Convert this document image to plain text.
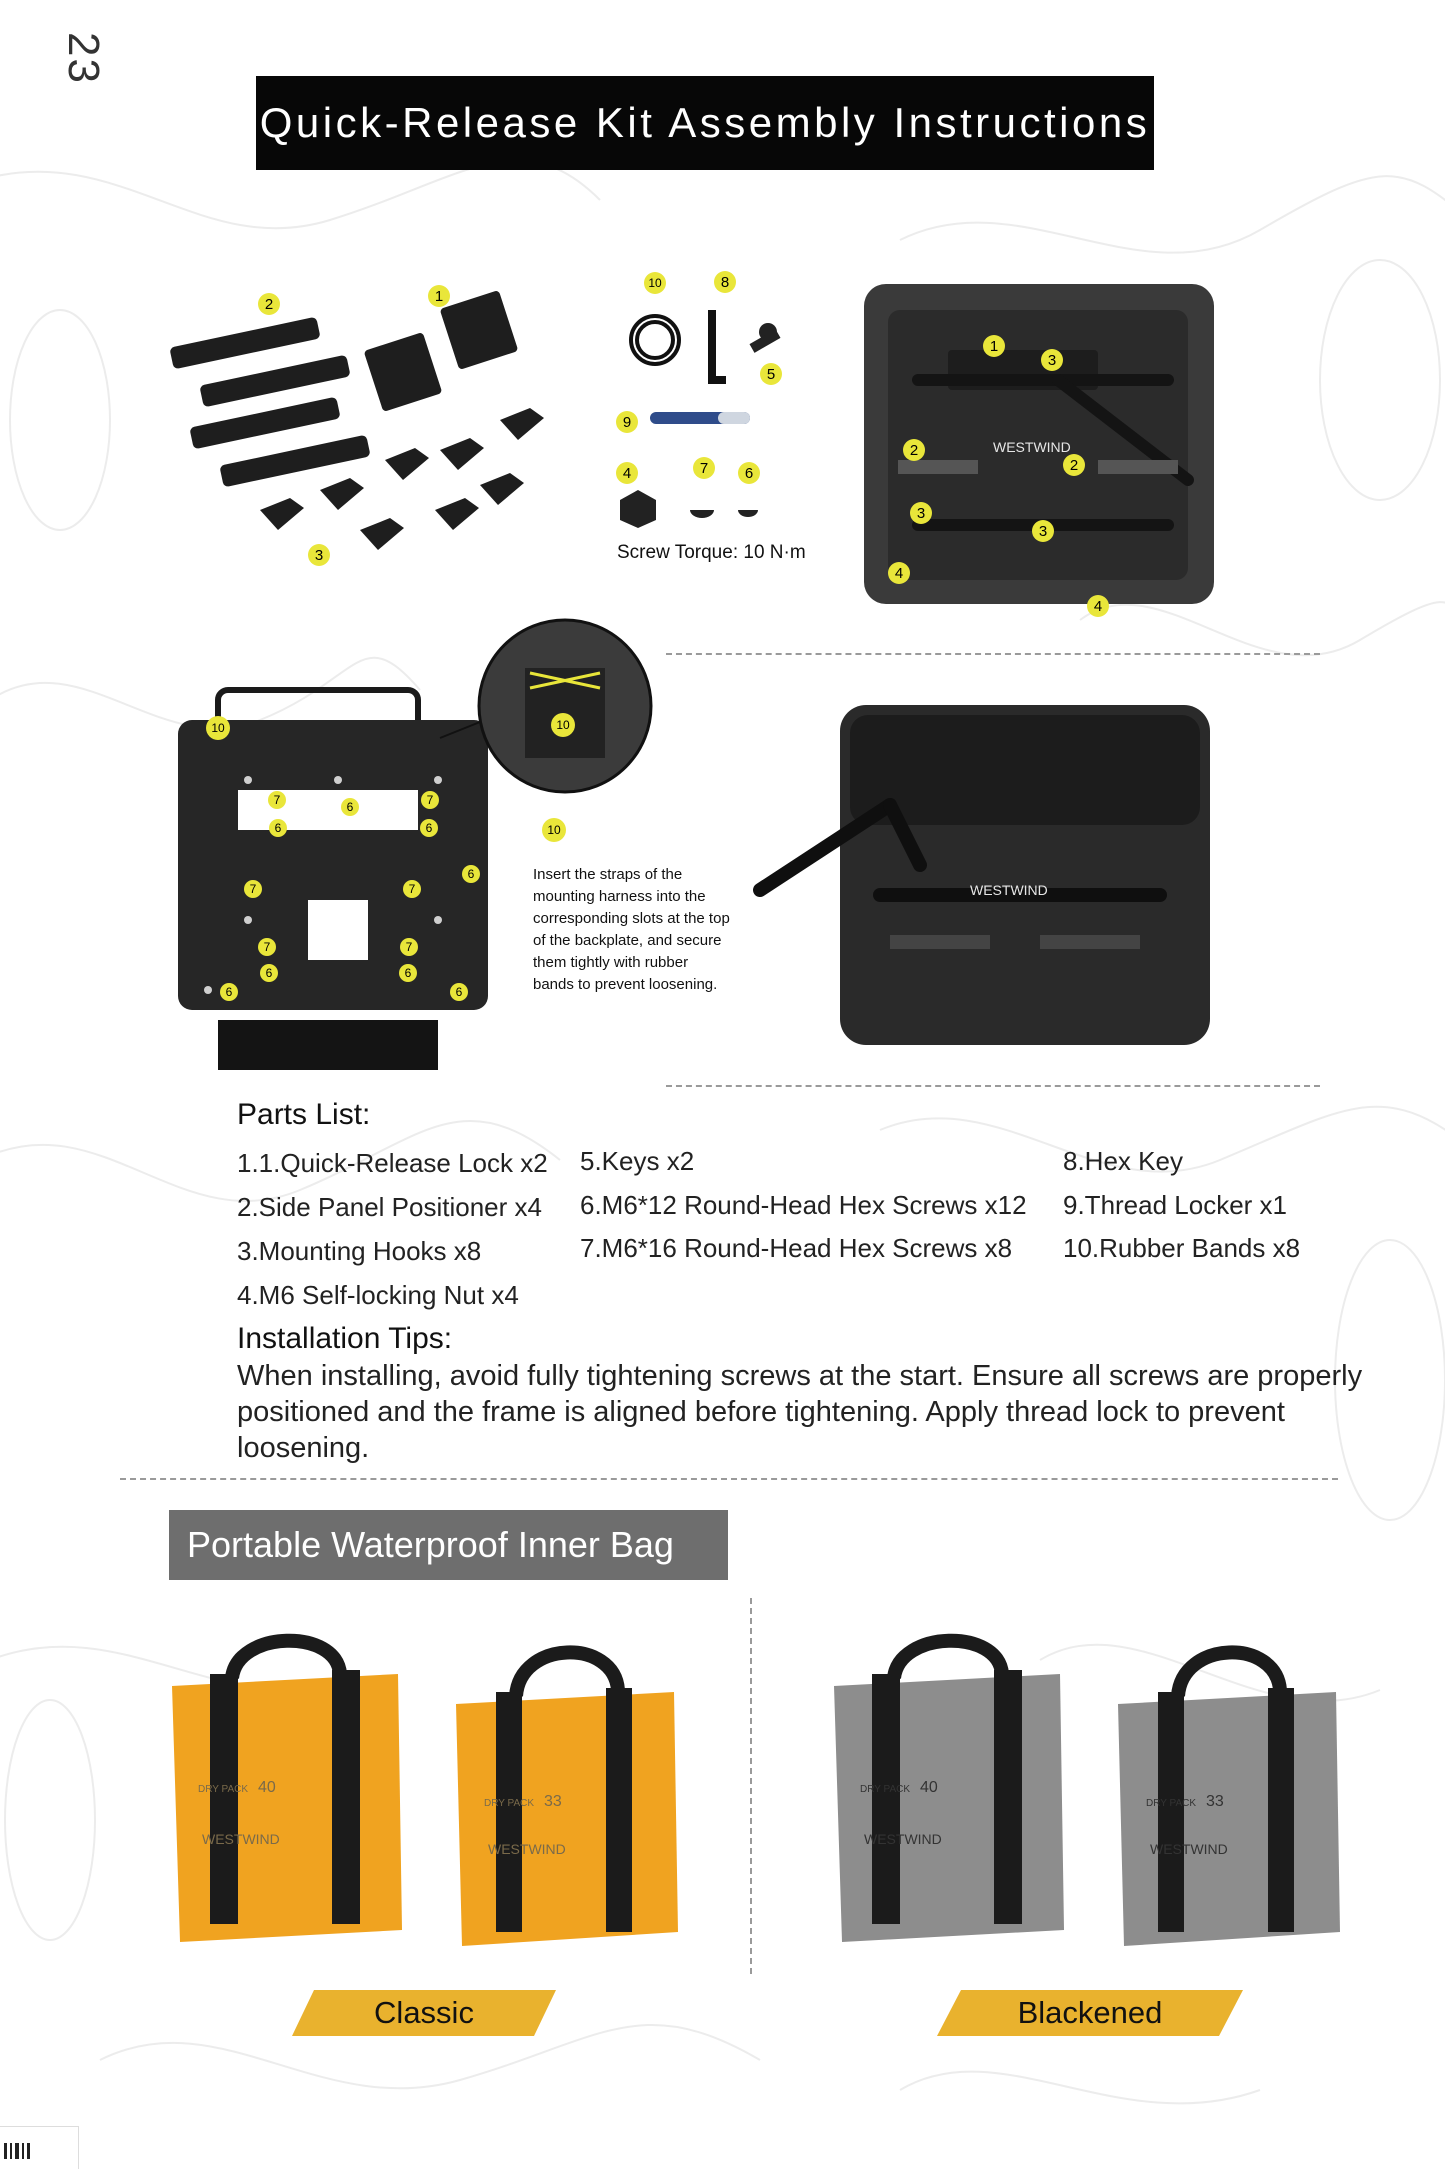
23
Quick-Release Kit Assembly Instructions
2	1
3
10	8
5
9
4	7 6
Screw Torque: 10 N·m
WESTWIND
1
3
2
2
3
3
4
4
10
7	6	7
6	6
7	7
6
7	7
6	6
6	6
10
10
Insert the straps of the
mounting harness into the
corresponding slots at the top
of the backplate, and secure
them tightly with rubber
bands to prevent loosening.
WESTWIND
Parts List:
1.1.Quick-Release Lock x2
2.Side Panel Positioner x4
3.Mounting Hooks x8
4.M6 Self-locking Nut x4
5.Keys x2
6.M6*12 Round-Head Hex Screws x12
7.M6*16 Round-Head Hex Screws x8
8.Hex Key
9.Thread Locker x1
10.Rubber Bands x8
Installation Tips:
When installing, avoid fully tightening screws at the start. Ensure all screws are properly
positioned and the frame is aligned before tightening. Apply thread lock to prevent
loosening.
Portable Waterproof Inner Bag
DRY PACK 40
WESTWIND
DRY PACK 33
WESTWIND
DRY PACK 40
WESTWIND
DRY PACK 33
WESTWIND
Classic	Blackened
